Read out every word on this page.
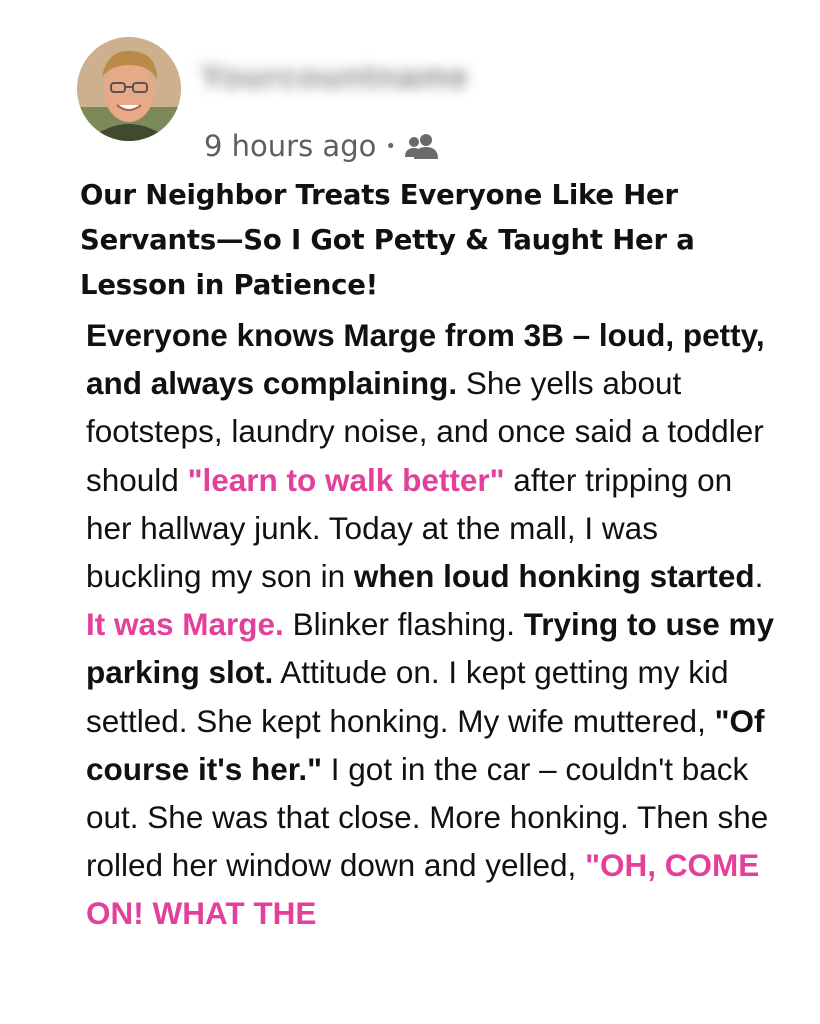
Yourcountname
9 hours ago •
Our Neighbor Treats Everyone Like Her Servants—So I Got Petty & Taught Her a Lesson in Patience!

Everyone knows Marge from 3B – loud, petty, and always complaining. She yells about footsteps, laundry noise, and once said a toddler should "learn to walk better" after tripping on her hallway junk. Today at the mall, I was buckling my son in when loud honking started. It was Marge. Blinker flashing. Trying to use my parking slot. Attitude on. I kept getting my kid settled. She kept honking. My wife muttered, "Of course it's her." I got in the car – couldn't back out. She was that close. More honking. Then she rolled her window down and yelled, "OH, COME ON! WHAT THE
